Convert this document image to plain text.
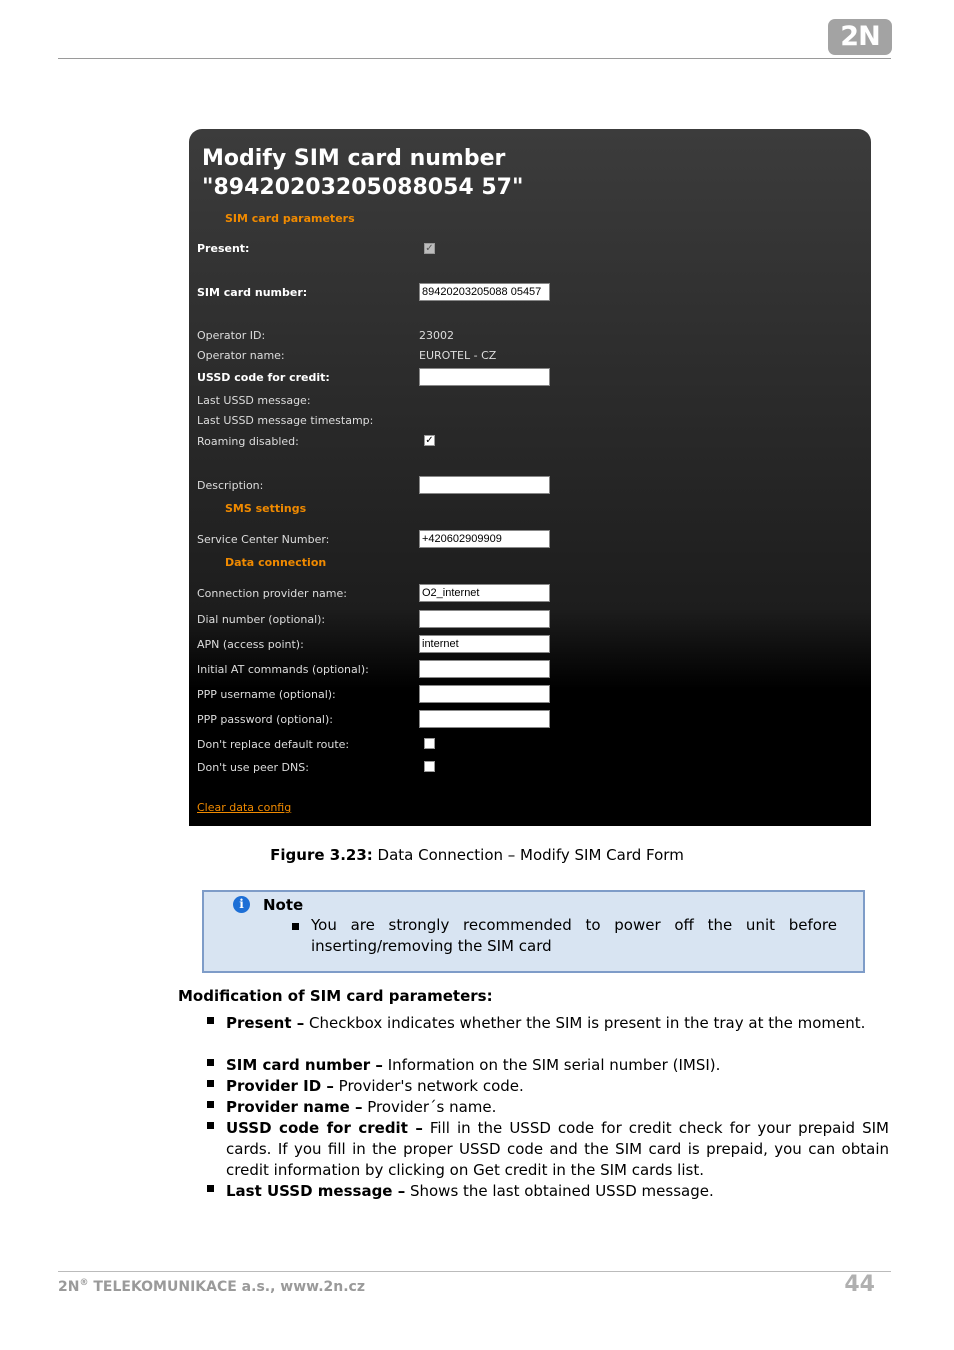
2N
Modify SIM card number
"89420203205088054 57"
SIM card parameters
Present:	✓
SIM card number:	89420203205088 05457
Operator ID:	23002
Operator name:	EUROTEL - CZ
USSD code for credit:
Last USSD message:
Last USSD message timestamp:
Roaming disabled:	✓
Description:
SMS settings
Service Center Number:	+420602909909
Data connection
Connection provider name:	O2_internet
Dial number (optional):
APN (access point):	internet
Initial AT commands (optional):
PPP username (optional):
PPP password (optional):
Don't replace default route:
Don't use peer DNS:
Clear data config
Figure 3.23: Data Connection – Modify SIM Card Form
i	Note
You are strongly recommended to power off the unit before inserting/removing the SIM card
Modification of SIM card parameters:
Present – Checkbox indicates whether the SIM is present in the tray at the moment.
SIM card number – Information on the SIM serial number (IMSI).
Provider ID – Provider's network code.
Provider name – Provider´s name.
USSD code for credit – Fill in the USSD code for credit check for your prepaid SIM cards. If you fill in the proper USSD code and the SIM card is prepaid, you can obtain credit information by clicking on Get credit in the SIM cards list.
Last USSD message – Shows the last obtained USSD message.
2N® TELEKOMUNIKACE a.s., www.2n.cz	44
